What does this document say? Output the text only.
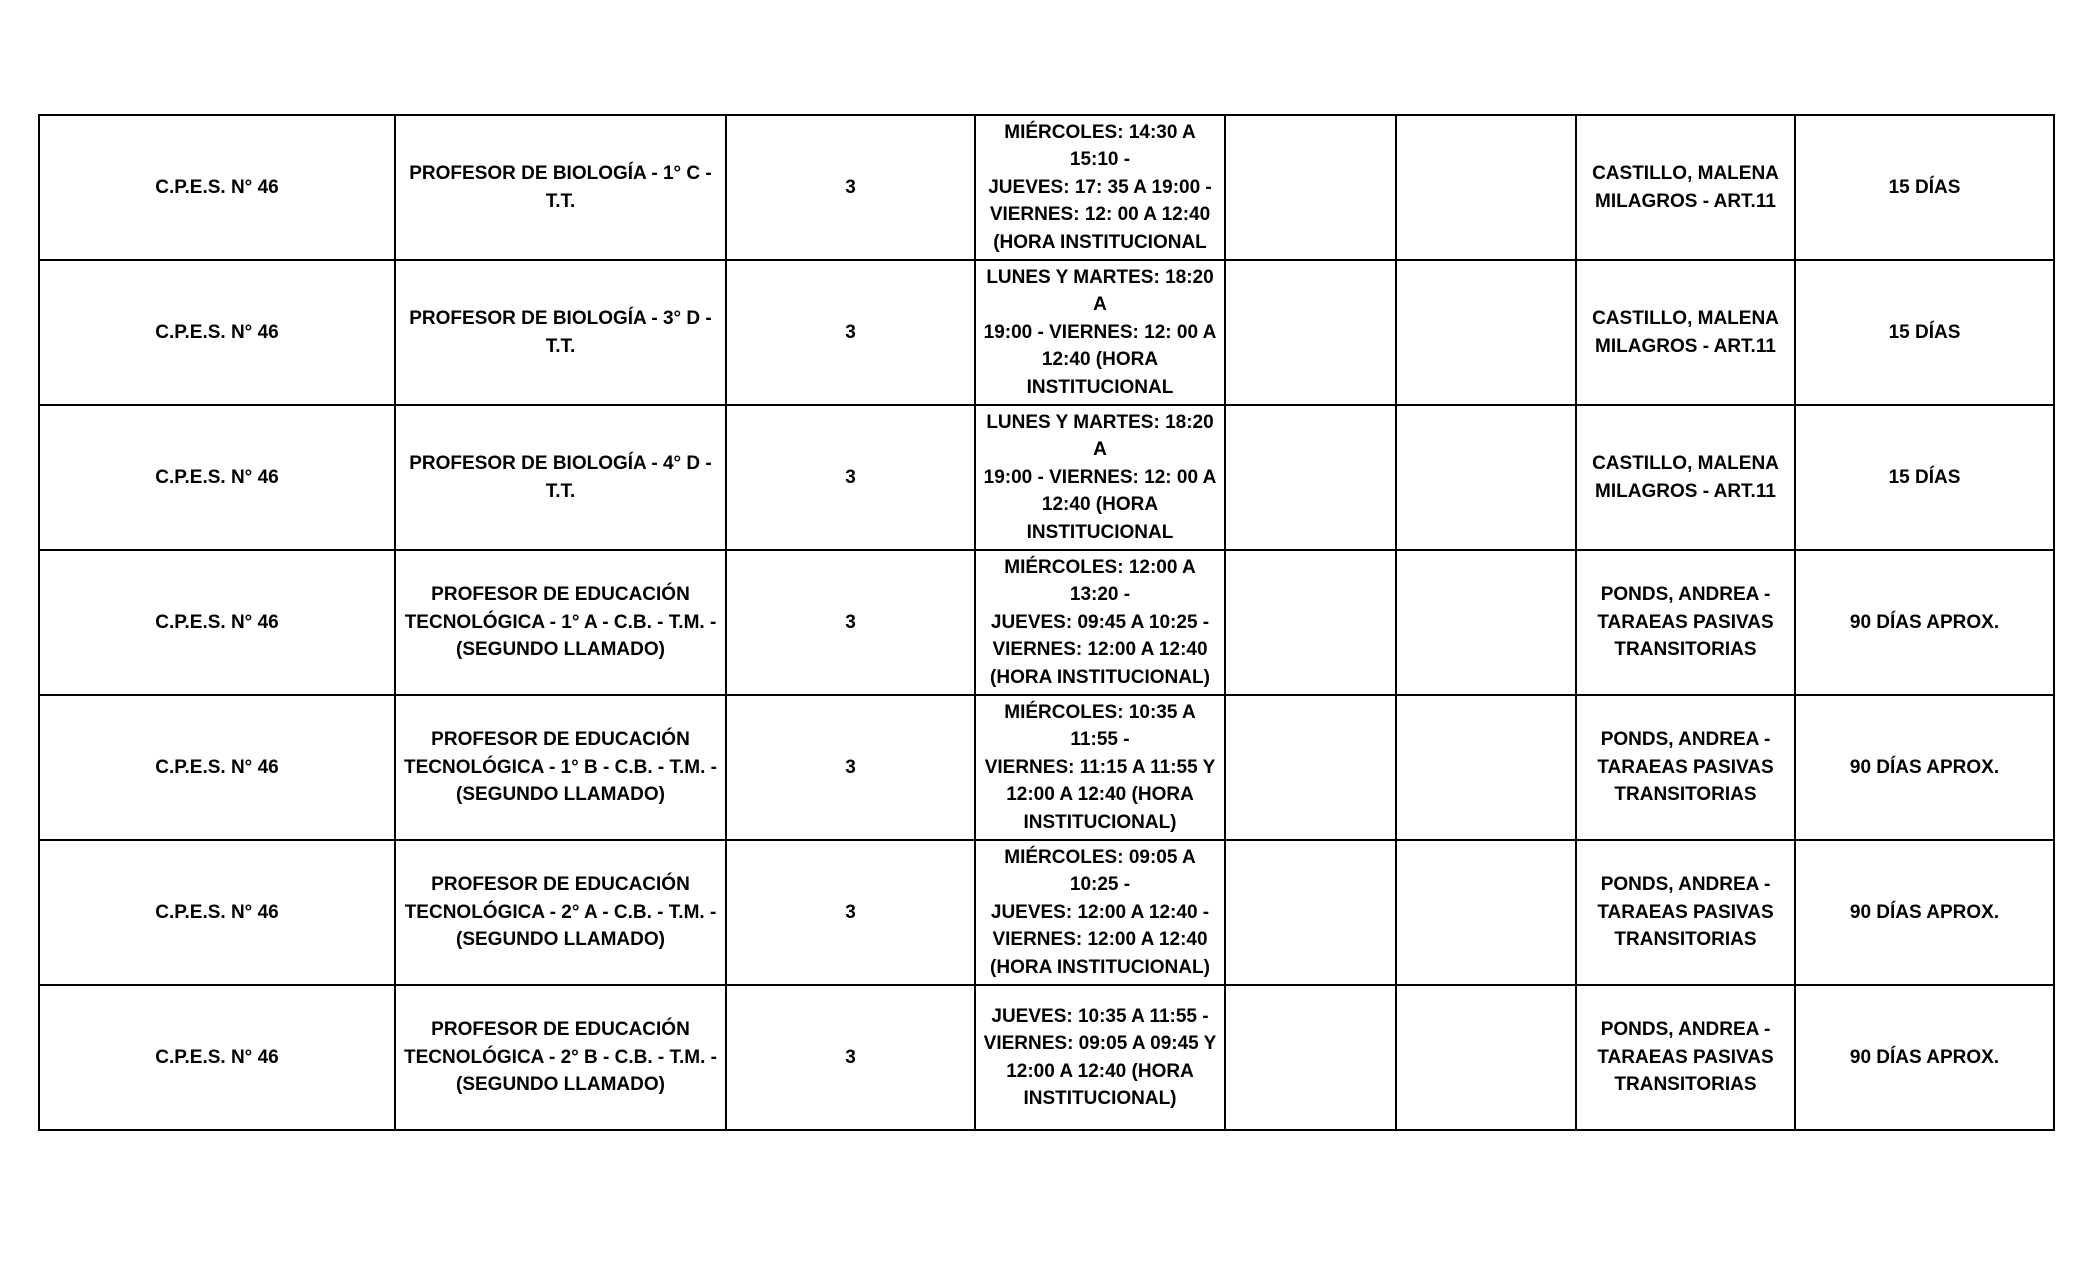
C.P.E.S. N° 46	PROFESOR DE BIOLOGÍA - 1° C - T.T.	3	MIÉRCOLES: 14:30 A 15:10 -
JUEVES: 17: 35 A 19:00 -
VIERNES: 12: 00 A 12:40
(HORA INSTITUCIONAL			CASTILLO, MALENA
MILAGROS - ART.11	15 DÍAS
C.P.E.S. N° 46	PROFESOR DE BIOLOGÍA - 3° D - T.T.	3	LUNES Y MARTES: 18:20 A
19:00 - VIERNES: 12: 00 A
12:40 (HORA
INSTITUCIONAL			CASTILLO, MALENA
MILAGROS - ART.11	15 DÍAS
C.P.E.S. N° 46	PROFESOR DE BIOLOGÍA - 4° D - T.T.	3	LUNES Y MARTES: 18:20 A
19:00 - VIERNES: 12: 00 A
12:40 (HORA
INSTITUCIONAL			CASTILLO, MALENA
MILAGROS - ART.11	15 DÍAS
C.P.E.S. N° 46	PROFESOR DE EDUCACIÓN
TECNOLÓGICA - 1° A - C.B. - T.M. -
(SEGUNDO LLAMADO)	3	MIÉRCOLES: 12:00 A 13:20 -
JUEVES: 09:45 A 10:25 -
VIERNES: 12:00 A 12:40
(HORA INSTITUCIONAL)			PONDS, ANDREA -
TARAEAS PASIVAS
TRANSITORIAS	90 DÍAS APROX.
C.P.E.S. N° 46	PROFESOR DE EDUCACIÓN
TECNOLÓGICA - 1° B - C.B. - T.M. -
(SEGUNDO LLAMADO)	3	MIÉRCOLES: 10:35 A 11:55 -
VIERNES: 11:15 A 11:55 Y
12:00 A 12:40 (HORA
INSTITUCIONAL)			PONDS, ANDREA -
TARAEAS PASIVAS
TRANSITORIAS	90 DÍAS APROX.
C.P.E.S. N° 46	PROFESOR DE EDUCACIÓN
TECNOLÓGICA - 2° A - C.B. - T.M. -
(SEGUNDO LLAMADO)	3	MIÉRCOLES: 09:05 A 10:25 -
JUEVES: 12:00 A 12:40 -
VIERNES: 12:00 A 12:40
(HORA INSTITUCIONAL)			PONDS, ANDREA -
TARAEAS PASIVAS
TRANSITORIAS	90 DÍAS APROX.
C.P.E.S. N° 46	PROFESOR DE EDUCACIÓN
TECNOLÓGICA - 2° B - C.B. - T.M. -
(SEGUNDO LLAMADO)	3	JUEVES: 10:35 A 11:55 -
VIERNES: 09:05 A 09:45 Y
12:00 A 12:40 (HORA
INSTITUCIONAL)			PONDS, ANDREA -
TARAEAS PASIVAS
TRANSITORIAS	90 DÍAS APROX.
